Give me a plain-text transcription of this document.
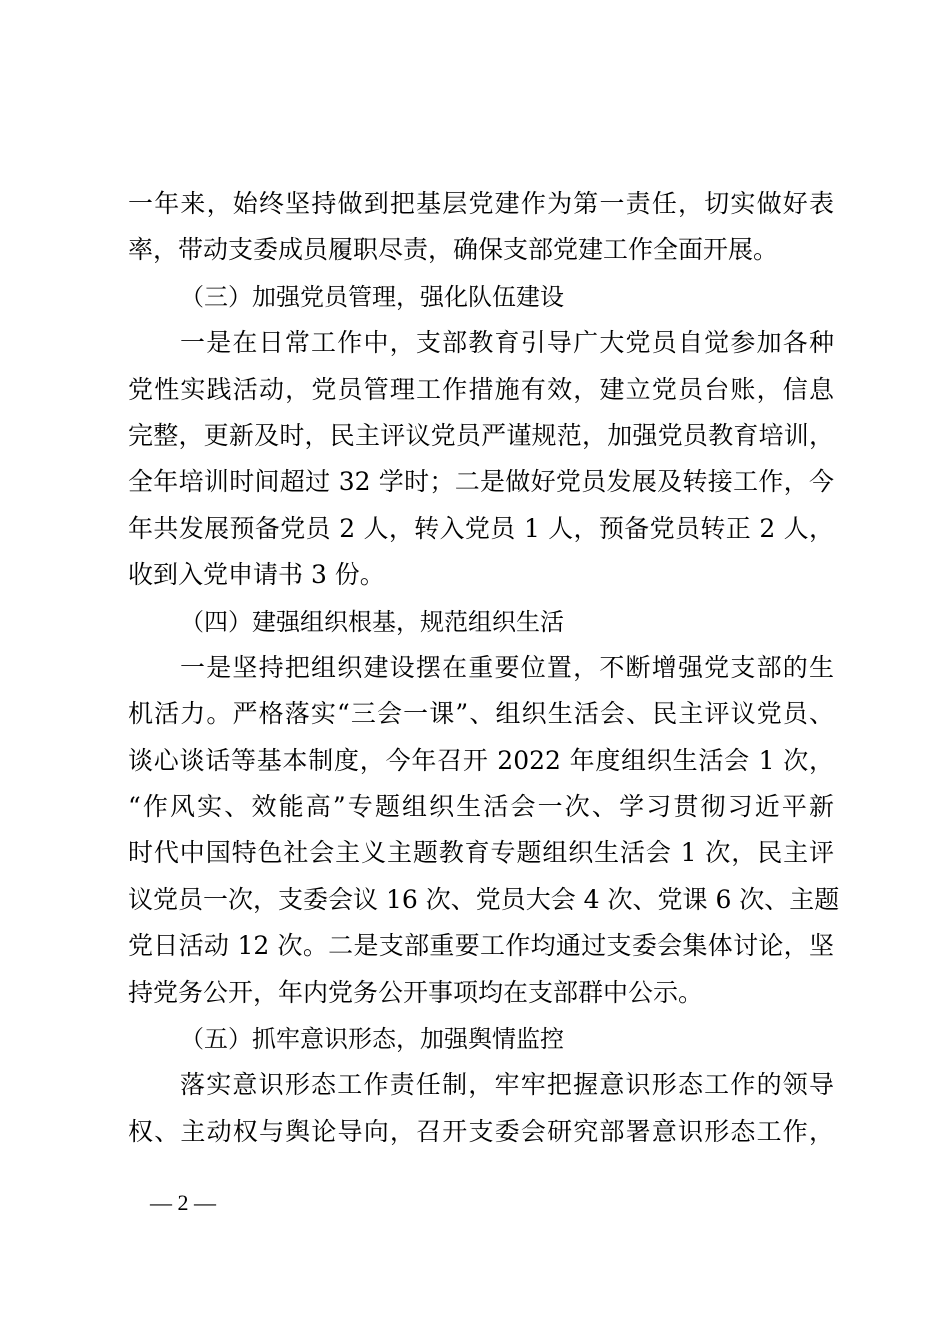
一年来，始终坚持做到把基层党建作为第一责任，切实做好表
率，带动支委成员履职尽责，确保支部党建工作全面开展。
（三）加强党员管理，强化队伍建设
一是在日常工作中，支部教育引导广大党员自觉参加各种
党性实践活动，党员管理工作措施有效，建立党员台账，信息
完整，更新及时，民主评议党员严谨规范，加强党员教育培训，
全年培训时间超过 32 学时；二是做好党员发展及转接工作，今
年共发展预备党员 2 人，转入党员 1 人，预备党员转正 2 人，
收到入党申请书 3 份。
（四）建强组织根基，规范组织生活
一是坚持把组织建设摆在重要位置，不断增强党支部的生
机活力。严格落实“三会一课”、组织生活会、民主评议党员、
谈心谈话等基本制度，今年召开 2022 年度组织生活会 1 次，
“作风实、效能高”专题组织生活会一次、学习贯彻习近平新
时代中国特色社会主义主题教育专题组织生活会 1 次，民主评
议党员一次，支委会议 16 次、党员大会 4 次、党课 6 次、主题
党日活动 12 次。二是支部重要工作均通过支委会集体讨论，坚
持党务公开，年内党务公开事项均在支部群中公示。
（五）抓牢意识形态，加强舆情监控
落实意识形态工作责任制，牢牢把握意识形态工作的领导
权、主动权与舆论导向，召开支委会研究部署意识形态工作，
— 2 —
